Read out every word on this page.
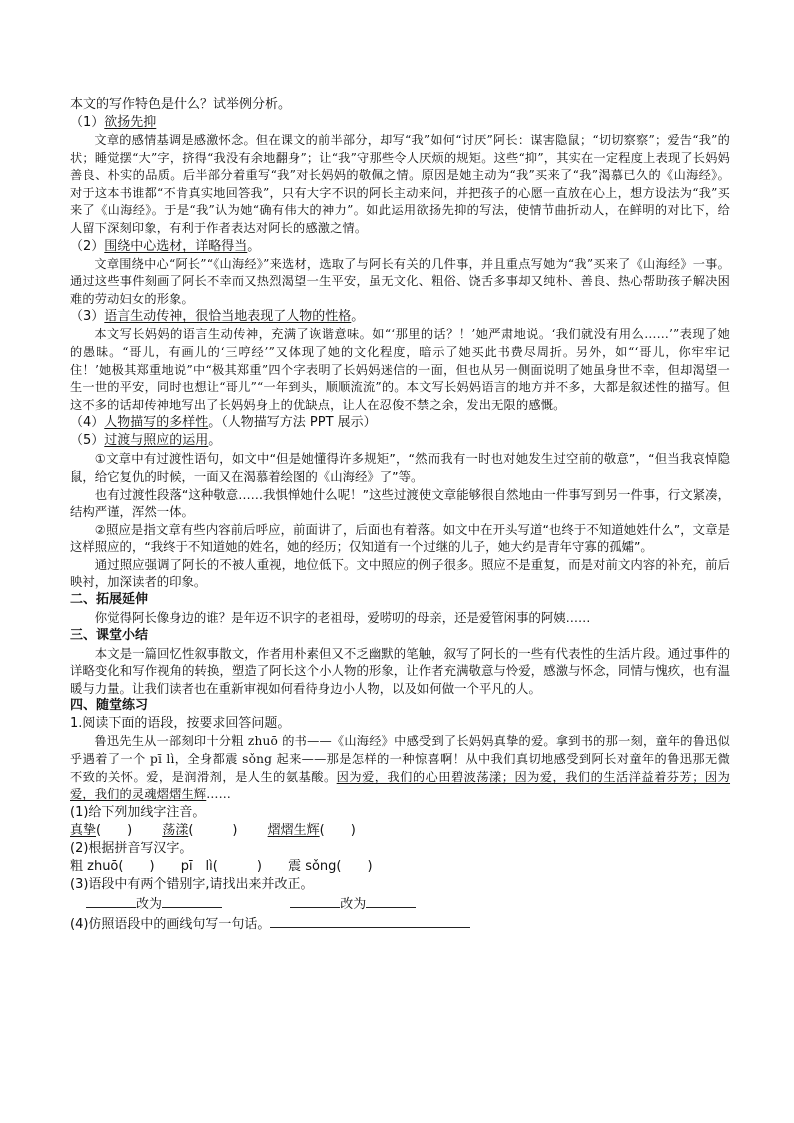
本文的写作特色是什么？试举例分析。

（1）欲扬先抑

文章的感情基调是感激怀念。但在课文的前半部分，却写“我”如何“讨厌”阿长：谋害隐鼠；“切切察察”；爱告“我”的状；睡觉摆“大”字，挤得“我没有余地翻身”；让“我”守那些令人厌烦的规矩。这些“抑”，其实在一定程度上表现了长妈妈善良、朴实的品质。后半部分着重写“我”对长妈妈的敬佩之情。原因是她主动为“我”买来了“我”渴慕已久的《山海经》。对于这本书谁都“不肯真实地回答我”，只有大字不识的阿长主动来问，并把孩子的心愿一直放在心上，想方设法为“我”买来了《山海经》。于是“我”认为她“确有伟大的神力”。如此运用欲扬先抑的写法，使情节曲折动人，在鲜明的对比下，给人留下深刻印象，有利于作者表达对阿长的感激之情。

（2）围绕中心选材，详略得当。

文章围绕中心“阿长”“《山海经》”来选材，选取了与阿长有关的几件事，并且重点写她为“我”买来了《山海经》一事。通过这些事件刻画了阿长不幸而又热烈渴望一生平安，虽无文化、粗俗、饶舌多事却又纯朴、善良、热心帮助孩子解决困难的劳动妇女的形象。

（3）语言生动传神，很恰当地表现了人物的性格。

本文写长妈妈的语言生动传神，充满了诙谐意味。如“‘那里的话？！’她严肃地说。‘我们就没有用么……’”表现了她的愚昧。“哥儿，有画儿的‘三哼经’”又体现了她的文化程度，暗示了她买此书费尽周折。另外，如“‘哥儿，你牢牢记住！’她极其郑重地说”中“极其郑重”四个字表明了长妈妈迷信的一面，但也从另一侧面说明了她虽身世不幸，但却渴望一生一世的平安，同时也想让“哥儿”“一年到头，顺顺流流”的。本文写长妈妈语言的地方并不多，大都是叙述性的描写。但这不多的话却传神地写出了长妈妈身上的优缺点，让人在忍俊不禁之余，发出无限的感慨。

（4）人物描写的多样性。（人物描写方法 PPT 展示）

（5）过渡与照应的运用。

①文章中有过渡性语句，如文中“但是她懂得许多规矩”，“然而我有一时也对她发生过空前的敬意”，“但当我哀悼隐鼠，给它复仇的时候，一面又在渴慕着绘图的《山海经》了”等。

也有过渡性段落“这种敬意……我惧惮她什么呢！”这些过渡使文章能够很自然地由一件事写到另一件事，行文紧凑，结构严谨，浑然一体。

②照应是指文章有些内容前后呼应，前面讲了，后面也有着落。如文中在开头写道“也终于不知道她姓什么”，文章是这样照应的，“我终于不知道她的姓名，她的经历；仅知道有一个过继的儿子，她大约是青年守寡的孤孀”。

通过照应强调了阿长的不被人重视，地位低下。文中照应的例子很多。照应不是重复，而是对前文内容的补充，前后映衬，加深读者的印象。

二、拓展延伸

你觉得阿长像身边的谁？是年迈不识字的老祖母，爱唠叨的母亲，还是爱管闲事的阿姨……

三、课堂小结

本文是一篇回忆性叙事散文，作者用朴素但又不乏幽默的笔触，叙写了阿长的一些有代表性的生活片段。通过事件的详略变化和写作视角的转换，塑造了阿长这个小人物的形象，让作者充满敬意与怜爱，感激与怀念，同情与愧疚，也有温暖与力量。让我们读者也在重新审视如何看待身边小人物，以及如何做一个平凡的人。

四、随堂练习

1.阅读下面的语段，按要求回答问题。

鲁迅先生从一部刻印十分粗 zhuō 的书——《山海经》中感受到了长妈妈真挚的爱。拿到书的那一刻，童年的鲁迅似乎遇着了一个 pī lì，全身都震 sǒng 起来——那是怎样的一种惊喜啊！从中我们真切地感受到阿长对童年的鲁迅那无微不致的关怀。爱，是润滑剂，是人生的氨基酸。因为爱，我们的心田碧波荡漾；因为爱，我们的生活洋益着芬芳；因为爱，我们的灵魂熠熠生辉……

(1)给下列加线字注音。

真挚(　　) 荡漾(　　　) 熠熠生辉(　　)

(2)根据拼音写汉字。

粗 zhuō(　　) pī　lì(　　　) 震 sǒng(　　)

(3)语段中有两个错别字,请找出来并改正。

改为	改为

(4)仿照语段中的画线句写一句话。
